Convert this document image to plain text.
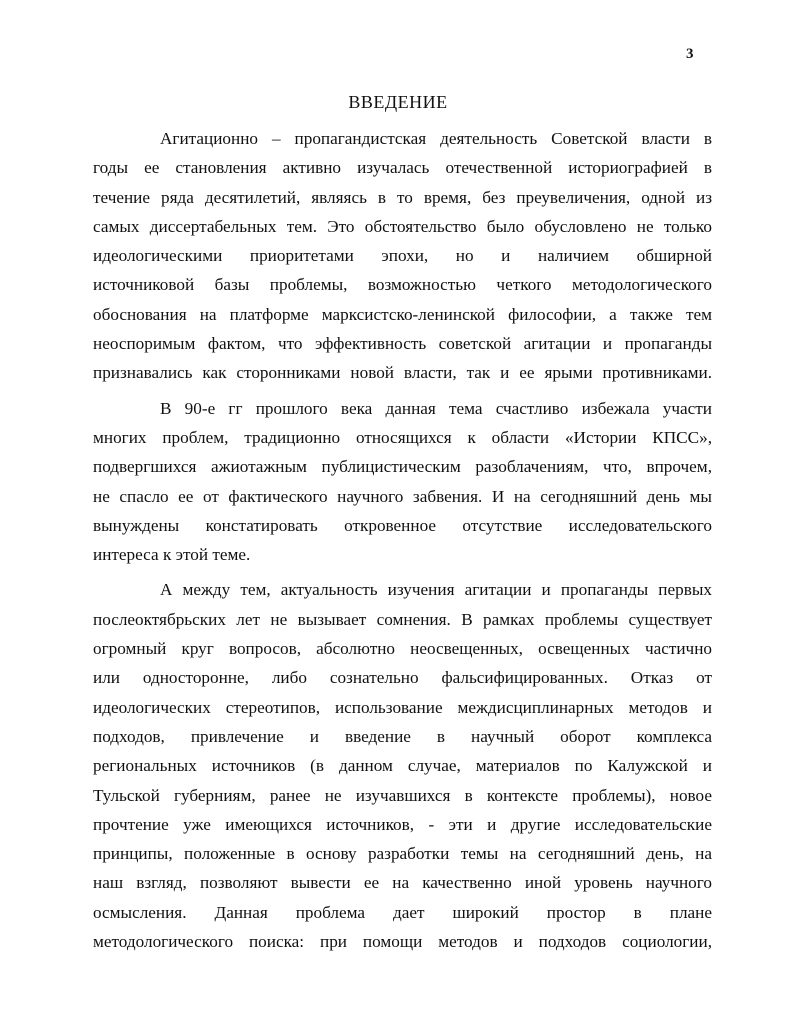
3
ВВЕДЕНИЕ
Агитационно – пропагандистская деятельность Советской власти в
годы ее становления активно изучалась отечественной историографией в
течение ряда десятилетий, являясь в то время, без преувеличения, одной из
самых диссертабельных тем. Это обстоятельство было обусловлено не только
идеологическими приоритетами эпохи, но и наличием обширной
источниковой базы проблемы, возможностью четкого методологического
обоснования на платформе марксистско-ленинской философии, а также тем
неоспоримым фактом, что эффективность советской агитации и пропаганды
признавались как сторонниками новой власти, так и ее ярыми противниками.
В 90-е гг прошлого века данная тема счастливо избежала участи
многих проблем, традиционно относящихся к области «Истории КПСС»,
подвергшихся ажиотажным публицистическим разоблачениям, что, впрочем,
не спасло ее от фактического научного забвения. И на сегодняшний день мы
вынуждены констатировать откровенное отсутствие исследовательского
интереса к этой теме.
А между тем, актуальность изучения агитации и пропаганды первых
послеоктябрьских лет не вызывает сомнения. В рамках проблемы существует
огромный круг вопросов, абсолютно неосвещенных, освещенных частично
или односторонне, либо сознательно фальсифицированных. Отказ от
идеологических стереотипов, использование междисциплинарных методов и
подходов, привлечение и введение в научный оборот комплекса
региональных источников (в данном случае, материалов по Калужской и
Тульской губерниям, ранее не изучавшихся в контексте проблемы), новое
прочтение уже имеющихся источников, - эти и другие исследовательские
принципы, положенные в основу разработки темы на сегодняшний день, на
наш взгляд, позволяют вывести ее на качественно иной уровень научного
осмысления. Данная проблема дает широкий простор в плане
методологического поиска: при помощи методов и подходов социологии,
